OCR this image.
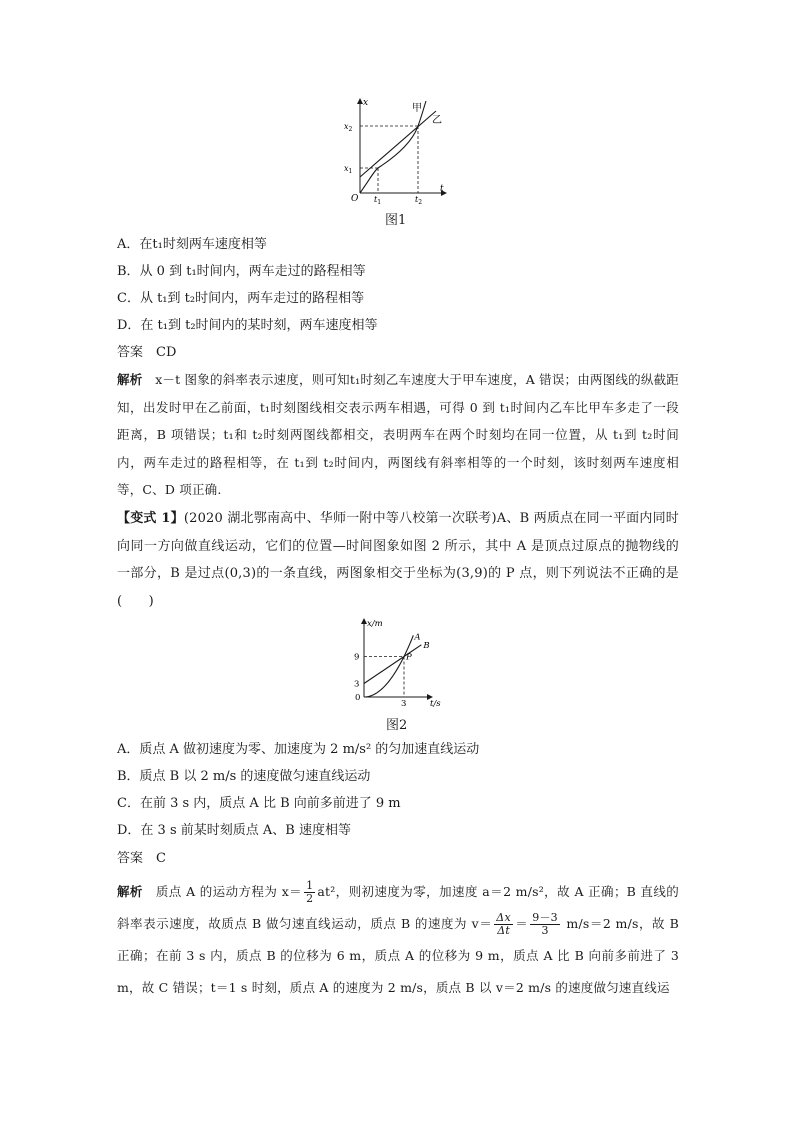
x
t
O
甲
乙
$x_2$
$x_1$
$t_1$	$t_2$
图1
A．在t₁时刻两车速度相等
B．从 0 到 t₁时间内，两车走过的路程相等
C．从 t₁到 t₂时间内，两车走过的路程相等
D．在 t₁到 t₂时间内的某时刻，两车速度相等
答案　CD
解析　 x－t 图象的斜率表示速度，则可知t₁时刻乙车速度大于甲车速度，A 错误；由两图线的纵截距知，出发时甲在乙前面，t₁时刻图线相交表示两车相遇，可得 0 到 t₁时间内乙车比甲车多走了一段距离，B 项错误；t₁和 t₂时刻两图线都相交，表明两车在两个时刻均在同一位置，从 t₁到 t₂时间内，两车走过的路程相等，在 t₁到 t₂时间内，两图线有斜率相等的一个时刻，该时刻两车速度相等，C、D 项正确.
【变式 1】(2020 湖北鄂南高中、华师一附中等八校第一次联考)A、B 两质点在同一平面内同时向同一方向做直线运动，它们的位置—时间图象如图 2 所示，其中 A 是顶点过原点的抛物线的一部分，B 是过点(0,3)的一条直线，两图象相交于坐标为(3,9)的 P 点，则下列说法不正确的是(　　)
x/m
t/s
A
B
P
9
3
0
3
图2
A．质点 A 做初速度为零、加速度为 2 m/s² 的匀加速直线运动
B．质点 B 以 2 m/s 的速度做匀速直线运动
C．在前 3 s 内，质点 A 比 B 向前多前进了 9 m
D．在 3 s 前某时刻质点 A、B 速度相等
答案　C
解析　 质点 A 的运动方程为 $x= \frac{1}{2} at^2$，则初速度为零，加速度 a＝2 m/s²，故 A 正确；B 直线的斜率表示速度，故质点 B 做匀速直线运动，质点 B 的速度为 $v= \frac{\Delta x}{\Delta t} = \frac{9-3}{3} m/s=2$ m/s，故 B 正确；在前 3 s 内，质点 B 的位移为 6 m，质点 A 的位移为 9 m，质点 A 比 B 向前多前进了 3 m，故 C 错误；t＝1 s 时刻，质点 A 的速度为 2 m/s，质点 B 以 v＝2 m/s 的速度做匀速直线运
